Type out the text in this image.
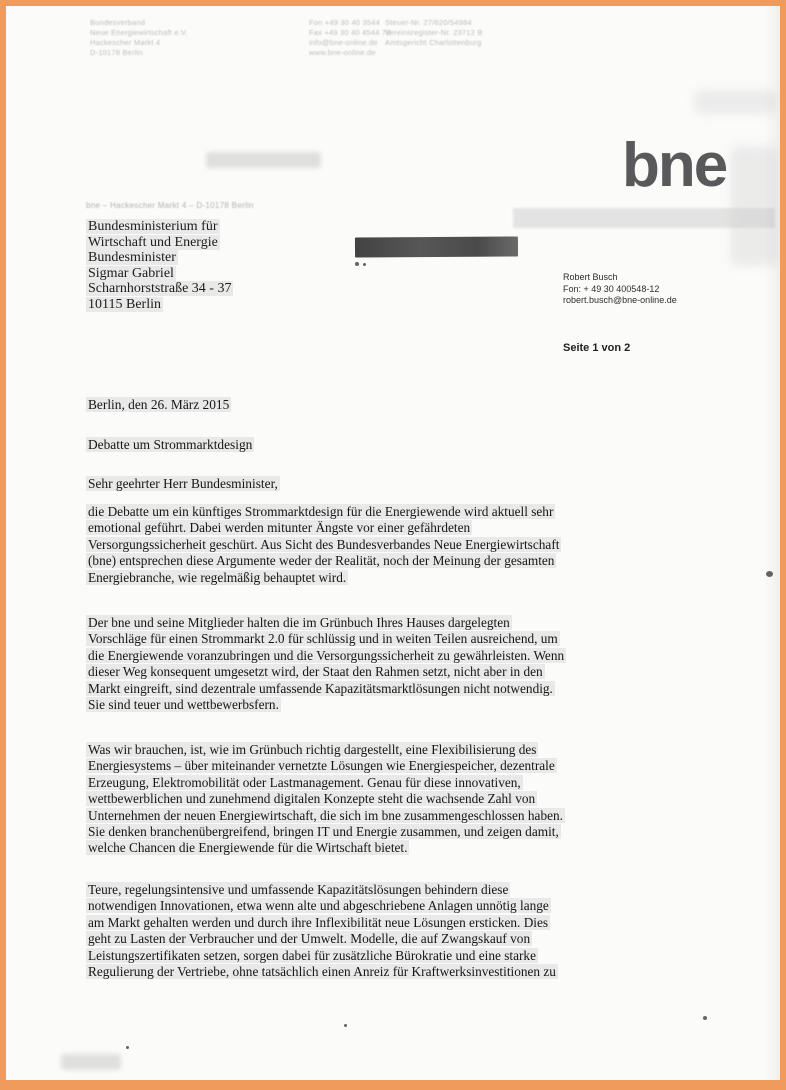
Bundesverband
Neue Energiewirtschaft e.V.
Hackescher Markt 4
D-10178 Berlin
Fon +49 30 40 3544
Fax +49 30 40 4544 70
info@bne-online.de
www.bne-online.de
Steuer-Nr. 27/620/54984
Vereinsregister-Nr. 23712 B
Amtsgericht Charlottenburg
bne
bne – Hackescher Markt 4 – D-10178 Berlin
Bundesministerium für
Wirtschaft und Energie
Bundesminister
Sigmar Gabriel
Scharnhorststraße 34 - 37
10115 Berlin
Robert Busch
Fon: + 49 30 400548-12
robert.busch@bne-online.de
Seite 1 von 2
Berlin, den 26. März 2015
Debatte um Strommarktdesign
Sehr geehrter Herr Bundesminister,
die Debatte um ein künftiges Strommarktdesign für die Energiewende wird aktuell sehr emotional geführt. Dabei werden mitunter Ängste vor einer gefährdeten Versorgungssicherheit geschürt. Aus Sicht des Bundesverbandes Neue Energiewirtschaft (bne) entsprechen diese Argumente weder der Realität, noch der Meinung der gesamten Energiebranche, wie regelmäßig behauptet wird.
Der bne und seine Mitglieder halten die im Grünbuch Ihres Hauses dargelegten Vorschläge für einen Strommarkt 2.0 für schlüssig und in weiten Teilen ausreichend, um die Energiewende voranzubringen und die Versorgungssicherheit zu gewährleisten. Wenn dieser Weg konsequent umgesetzt wird, der Staat den Rahmen setzt, nicht aber in den Markt eingreift, sind dezentrale umfassende Kapazitätsmarktlösungen nicht notwendig. Sie sind teuer und wettbewerbsfern.
Was wir brauchen, ist, wie im Grünbuch richtig dargestellt, eine Flexibilisierung des Energiesystems – über miteinander vernetzte Lösungen wie Energiespeicher, dezentrale Erzeugung, Elektromobilität oder Lastmanagement. Genau für diese innovativen, wettbewerblichen und zunehmend digitalen Konzepte steht die wachsende Zahl von Unternehmen der neuen Energiewirtschaft, die sich im bne zusammengeschlossen haben. Sie denken branchenübergreifend, bringen IT und Energie zusammen, und zeigen damit, welche Chancen die Energiewende für die Wirtschaft bietet.
Teure, regelungsintensive und umfassende Kapazitätslösungen behindern diese notwendigen Innovationen, etwa wenn alte und abgeschriebene Anlagen unnötig lange am Markt gehalten werden und durch ihre Inflexibilität neue Lösungen ersticken. Dies geht zu Lasten der Verbraucher und der Umwelt. Modelle, die auf Zwangskauf von Leistungszertifikaten setzen, sorgen dabei für zusätzliche Bürokratie und eine starke Regulierung der Vertriebe, ohne tatsächlich einen Anreiz für Kraftwerksinvestitionen zu
